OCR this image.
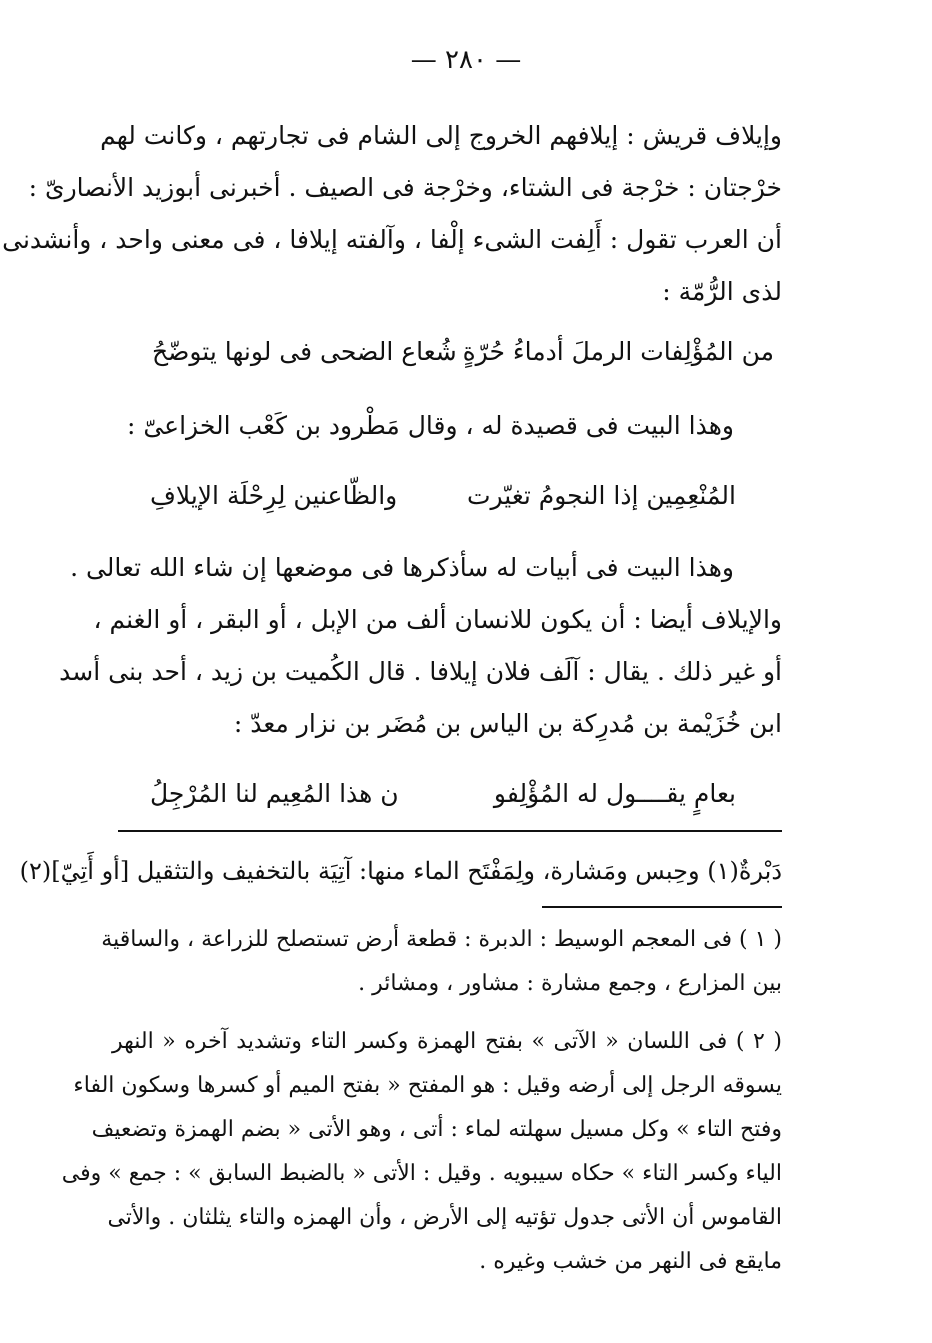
— ٢٨٠ —
وإيلاف قريش : إيلافهم الخروج إلى الشام فى تجارتهم ، وكانت لهم
خرْجتان : خرْجة فى الشتاء، وخرْجة فى الصيف . أخبرنى أبوزيد الأنصارىّ :
أن العرب تقول : أَلِفت الشىء إلْفا ، وآلفته إيلافا ، فى معنى واحد ، وأنشدنى
لذى الرُّمّة :
من المُؤْلِفات الرملَ أدماءُ حُرّةٍ
شُعاع الضحى فى لونها يتوضّحُ
وهذا البيت فى قصيدة له ، وقال مَطْرود بن كَعْب الخزاعىّ :
المُنْعِمِين إذا النجومُ تغيّرت
والظّاعنين لِرِحْلَة الإيلافِ
وهذا البيت فى أبيات له سأذكرها فى موضعها إن شاء الله تعالى .
والإيلاف أيضا : أن يكون للانسان ألف من الإبل ، أو البقر ، أو الغنم ،
أو غير ذلك . يقال : آلَف فلان إيلافا . قال الكُميت بن زيد ، أحد بنى أسد
ابن خُزَيْمة بن مُدرِكة بن الياس بن مُضَر بن نزار معدّ :
بعامٍ يقــــول له المُؤْلِفو
ن هذا المُعِيم لنا المُرْجِلُ
دَبْرةٌ(١) وحِبس ومَشارة، ولِمَفْتَح الماء منها: آتِيَة بالتخفيف والتثقيل [أو أَتِيّ](٢)
( ١ ) فى المعجم الوسيط : الدبرة : قطعة أرض تستصلح للزراعة ، والساقية
بين المزارع ، وجمع مشارة : مشاور ، ومشائر .
( ٢ ) فى اللسان « الآتى » بفتح الهمزة وكسر التاء وتشديد آخره « النهر
يسوقه الرجل إلى أرضه وقيل : هو المفتح « بفتح الميم أو كسرها وسكون الفاء
وفتح التاء » وكل مسيل سهلته لماء : أتى ، وهو الأتى « بضم الهمزة وتضعيف
الياء وكسر التاء » حكاه سيبويه . وقيل : الأتى « بالضبط السابق » : جمع » وفى
القاموس أن الأتى جدول تؤتيه إلى الأرض ، وأن الهمزه والتاء يثلثان . والأتى
مايقع فى النهر من خشب وغيره .
